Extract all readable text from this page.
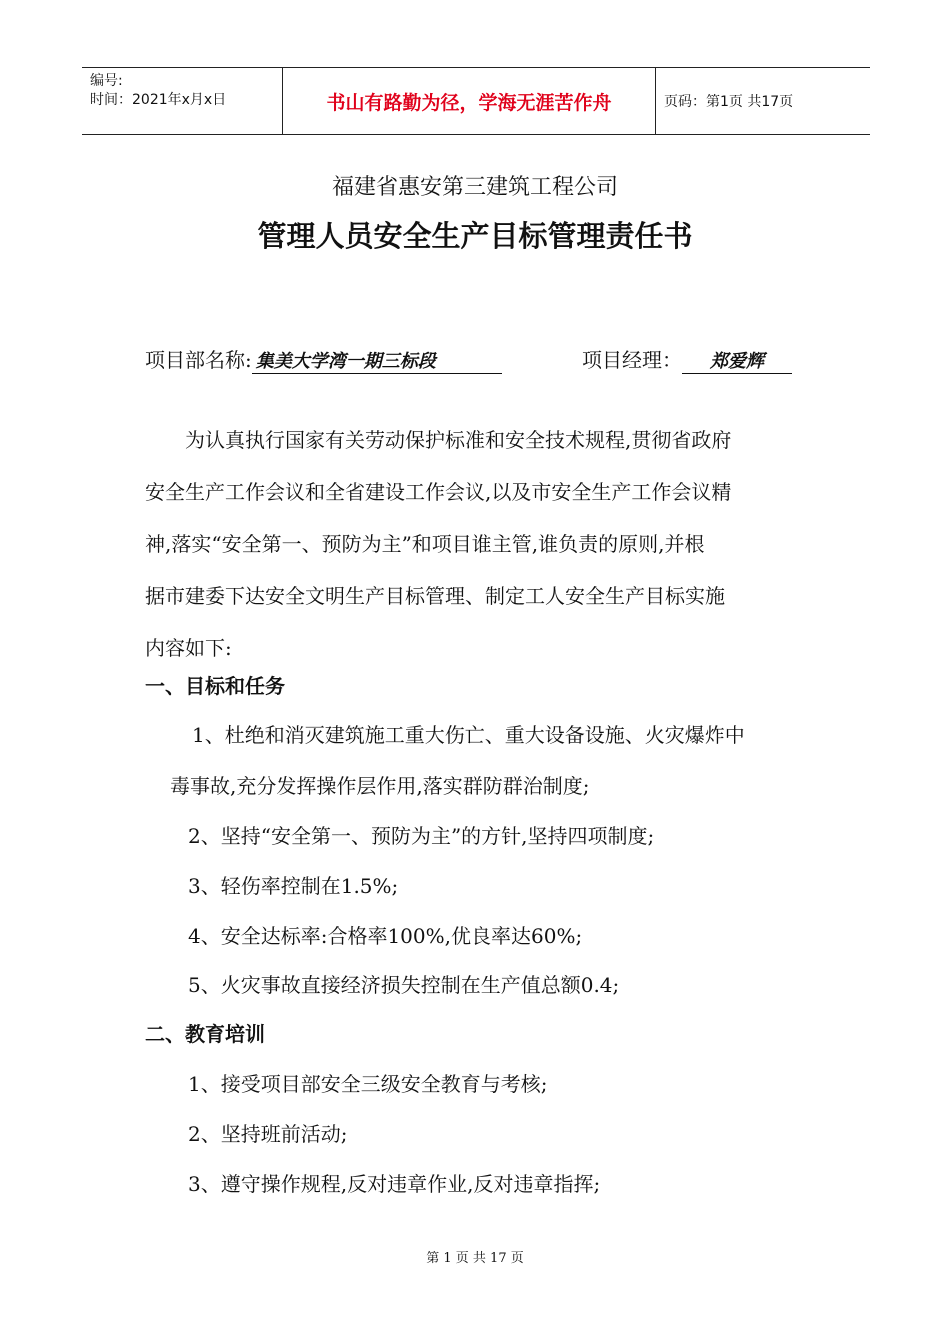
编号:
时间：2021年x月x日	书山有路勤为径，学海无涯苦作舟	页码：第1页 共17页
福建省惠安第三建筑工程公司
管理人员安全生产目标管理责任书
项目部名称: 集美大学湾一期三标段	项目经理： 郑爱辉

为认真执行国家有关劳动保护标准和安全技术规程,贯彻省政府

安全生产工作会议和全省建设工作会议,以及市安全生产工作会议精

神,落实“安全第一、预防为主”和项目谁主管,谁负责的原则,并根

据市建委下达安全文明生产目标管理、制定工人安全生产目标实施

内容如下:

一、目标和任务
1、杜绝和消灭建筑施工重大伤亡、重大设备设施、火灾爆炸中
毒事故,充分发挥操作层作用,落实群防群治制度;
2、坚持“安全第一、预防为主”的方针,坚持四项制度;
3、轻伤率控制在1.5%;
4、安全达标率:合格率100%,优良率达60%;
5、火灾事故直接经济损失控制在生产值总额0.4;
二、教育培训
1、接受项目部安全三级安全教育与考核;
2、坚持班前活动;
3、遵守操作规程,反对违章作业,反对违章指挥;
第 1 页 共 17 页
